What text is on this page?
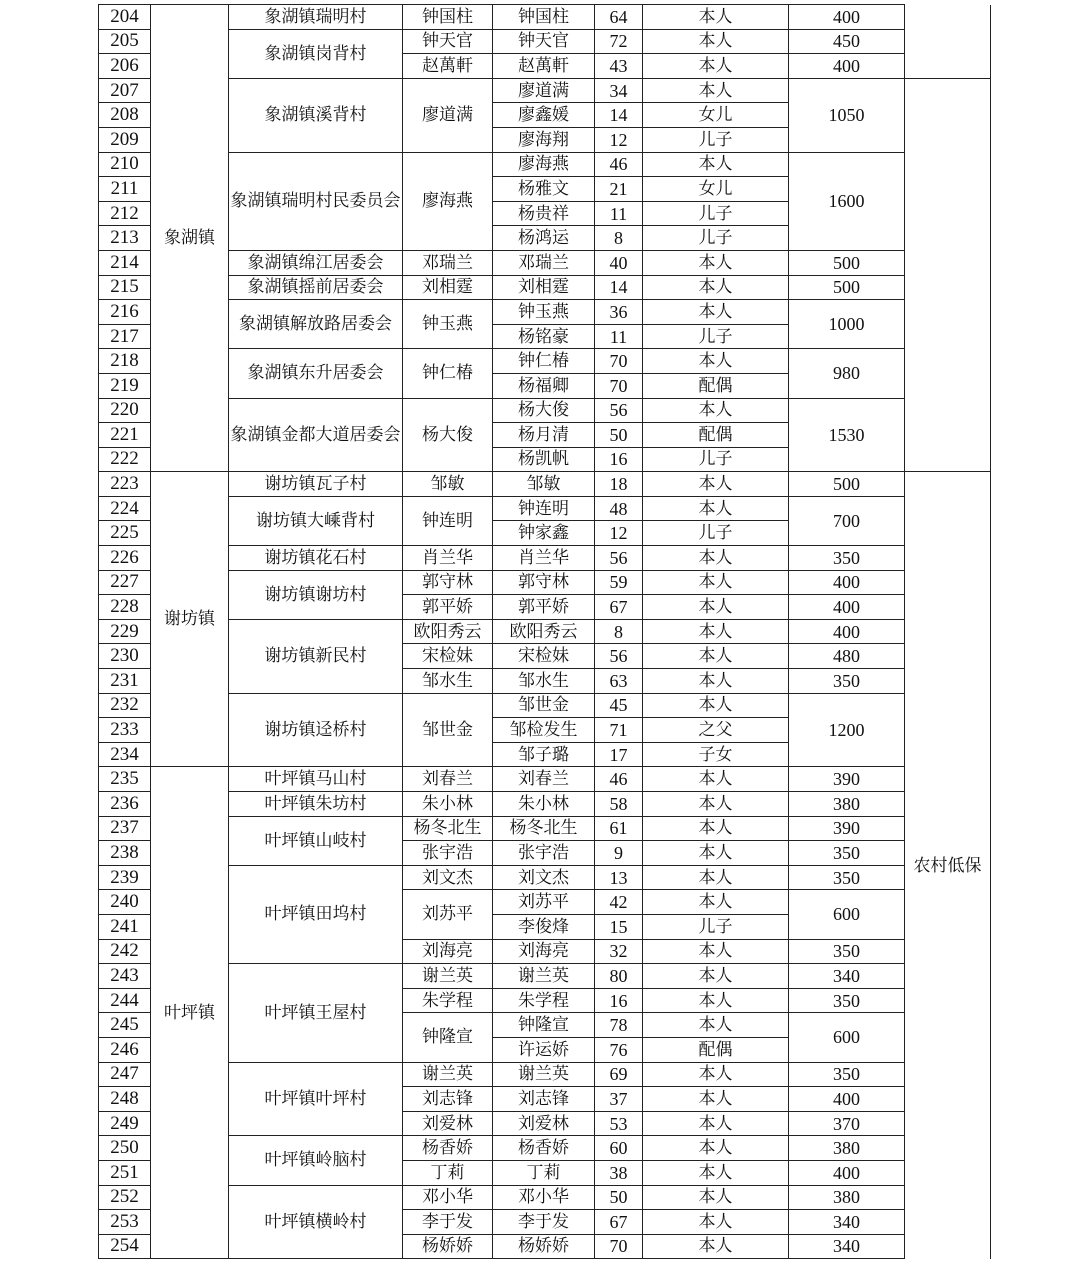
204	象湖镇	象湖镇瑞明村	钟国柱	钟国柱	64	本人	400	
205		象湖镇岗背村	钟天官	钟天官	72	本人	450	
206			赵萬軒	赵萬軒	43	本人	400	
207		象湖镇溪背村	廖道满	廖道满	34	本人	1050	
208				廖鑫媛	14	女儿		
209				廖海翔	12	儿子		
210		象湖镇瑞明村民委员会	廖海燕	廖海燕	46	本人	1600	
211				杨雅文	21	女儿		
212				杨贵祥	11	儿子		
213				杨鸿运	8	儿子		
214		象湖镇绵江居委会	邓瑞兰	邓瑞兰	40	本人	500	
215		象湖镇摇前居委会	刘相霆	刘相霆	14	本人	500	
216		象湖镇解放路居委会	钟玉燕	钟玉燕	36	本人	1000	
217				杨铭豪	11	儿子		
218		象湖镇东升居委会	钟仁椿	钟仁椿	70	本人	980	
219				杨福卿	70	配偶		
220		象湖镇金都大道居委会	杨大俊	杨大俊	56	本人	1530	
221				杨月清	50	配偶		
222				杨凯帆	16	儿子		
223	谢坊镇	谢坊镇瓦子村	邹敏	邹敏	18	本人	500	农村低保
224		谢坊镇大嵊背村	钟连明	钟连明	48	本人	700	
225				钟家鑫	12	儿子		
226		谢坊镇花石村	肖兰华	肖兰华	56	本人	350	
227		谢坊镇谢坊村	郭守林	郭守林	59	本人	400	
228			郭平娇	郭平娇	67	本人	400	
229		谢坊镇新民村	欧阳秀云	欧阳秀云	8	本人	400	
230			宋检妹	宋检妹	56	本人	480	
231			邹水生	邹水生	63	本人	350	
232		谢坊镇迳桥村	邹世金	邹世金	45	本人	1200	
233				邹检发生	71	之父		
234				邹子璐	17	子女		
235	叶坪镇	叶坪镇马山村	刘春兰	刘春兰	46	本人	390	
236		叶坪镇朱坊村	朱小林	朱小林	58	本人	380	
237		叶坪镇山岐村	杨冬北生	杨冬北生	61	本人	390	
238			张宇浩	张宇浩	9	本人	350	
239		叶坪镇田坞村	刘文杰	刘文杰	13	本人	350	
240			刘苏平	刘苏平	42	本人	600	
241				李俊烽	15	儿子		
242			刘海亮	刘海亮	32	本人	350	
243		叶坪镇王屋村	谢兰英	谢兰英	80	本人	340	
244			朱学程	朱学程	16	本人	350	
245			钟隆宣	钟隆宣	78	本人	600	
246				许运娇	76	配偶		
247		叶坪镇叶坪村	谢兰英	谢兰英	69	本人	350	
248			刘志锋	刘志锋	37	本人	400	
249			刘爱林	刘爱林	53	本人	370	
250		叶坪镇岭脑村	杨香娇	杨香娇	60	本人	380	
251			丁莉	丁莉	38	本人	400	
252		叶坪镇横岭村	邓小华	邓小华	50	本人	380	
253			李于发	李于发	67	本人	340	
254			杨娇娇	杨娇娇	70	本人	340	
